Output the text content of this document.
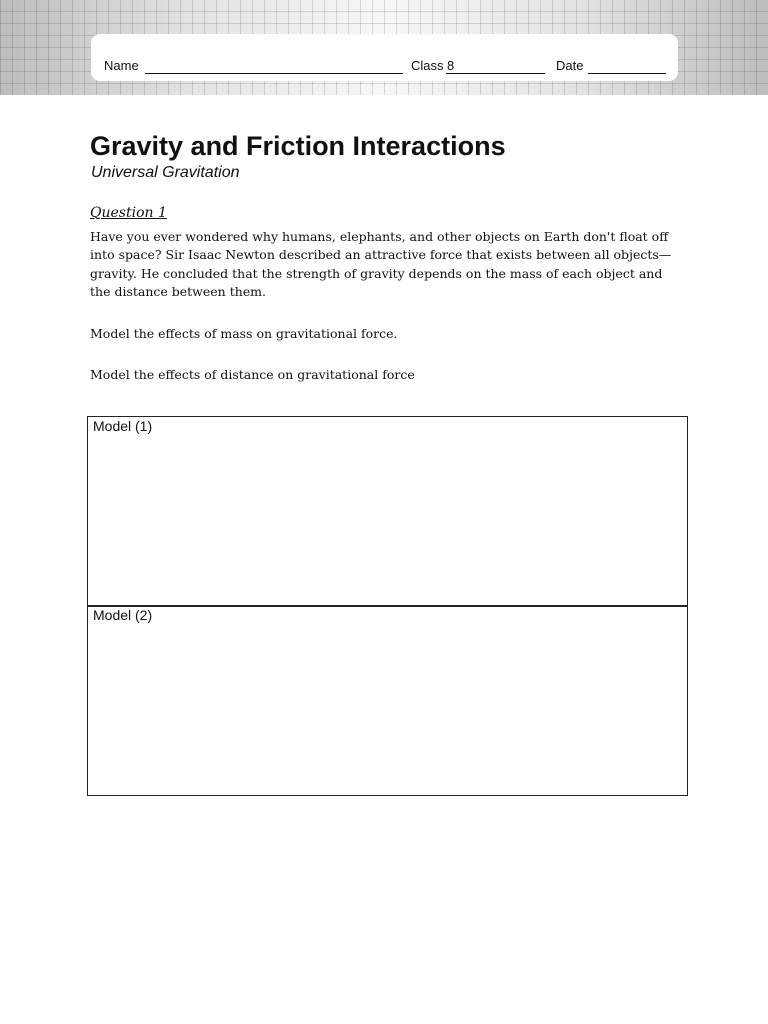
Name	Class 8	Date
Gravity and Friction Interactions
Universal Gravitation
Question 1
Have you ever wondered why humans, elephants, and other objects on Earth don't float off into space? Sir Isaac Newton described an attractive force that exists between all objects—gravity. He concluded that the strength of gravity depends on the mass of each object and the distance between them.
Model the effects of mass on gravitational force.
Model the effects of distance on gravitational force
Model (1)
Model (2)
